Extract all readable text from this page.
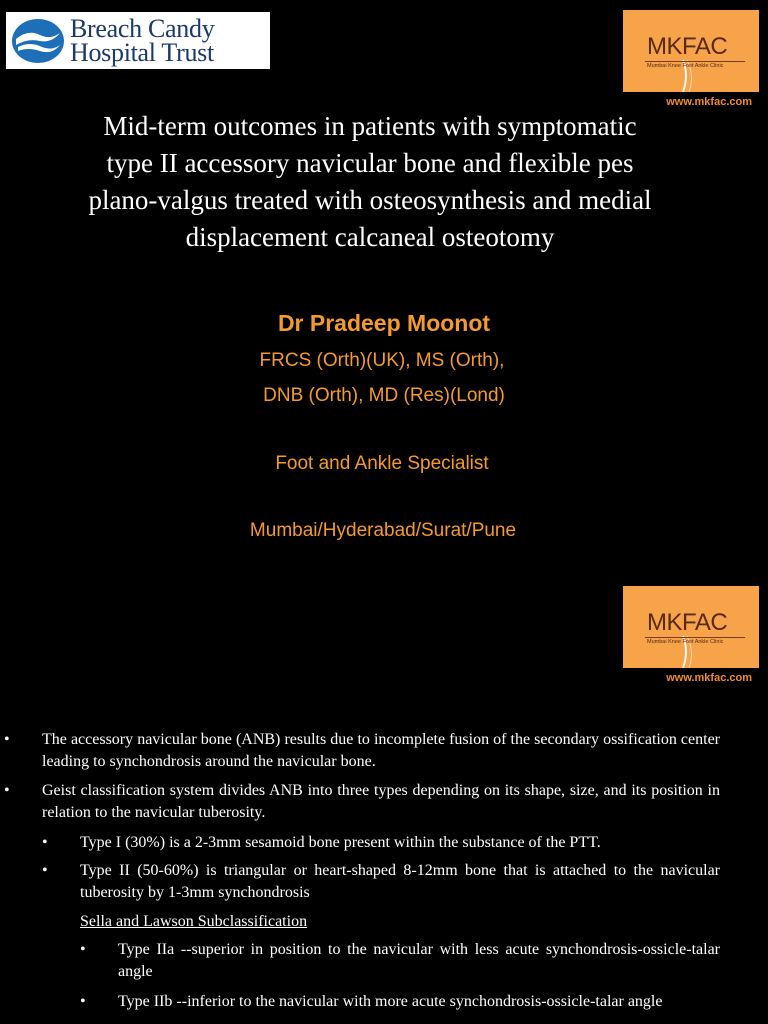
Breach Candy
Hospital Trust	MKFAC
Mumbai Knee Foot Ankle Clinic
www.mkfac.com
Mid-term outcomes in patients with symptomatic
type II accessory navicular bone and flexible pes
plano-valgus treated with osteosynthesis and medial
displacement calcaneal osteotomy
Dr Pradeep Moonot
FRCS (Orth)(UK), MS (Orth),
DNB (Orth), MD (Res)(Lond)
Foot and Ankle Specialist
Mumbai/Hyderabad/Surat/Pune
MKFAC
Mumbai Knee Foot Ankle Clinic
www.mkfac.com
• The accessory navicular bone (ANB) results due to incomplete fusion of the secondary ossification center leading to synchondrosis around the navicular bone.
• Geist classification system divides ANB into three types depending on its shape, size, and its position in relation to the navicular tuberosity.
• Type I (30%) is a 2-3mm sesamoid bone present within the substance of the PTT.
• Type II (50-60%) is triangular or heart-shaped 8-12mm bone that is attached to the navicular tuberosity by 1-3mm synchondrosis
Sella and Lawson Subclassification
• Type IIa --superior in position to the navicular with less acute synchondrosis-ossicle-talar angle
• Type IIb --inferior to the navicular with more acute synchondrosis-ossicle-talar angle
